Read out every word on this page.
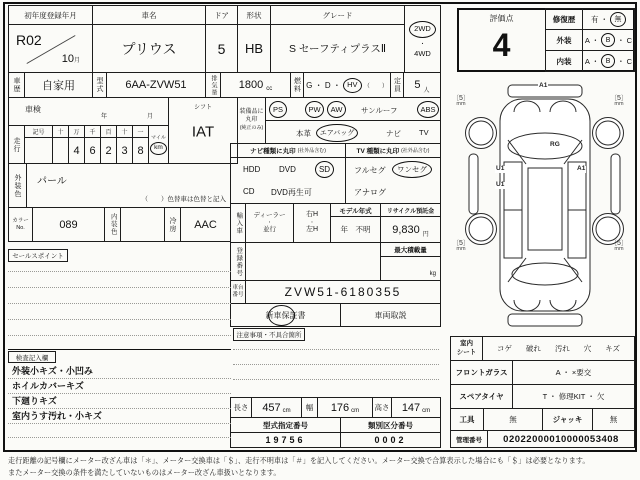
初年度登録年月
R02
10月
車名
プリウス
ドア
5
形状
HB
グレード
S セーフティプラスⅡ
2WD
・
4WD
車歴 自家用	型式 6AA-ZVW51	排気量 1800 cc	燃料 G ・ D ・ HV （　　） 定員 5 人
車検
年	月
走行
記号 十 万
4
千
6
百
2
十
3
一
8
マイル
km
シフト
IAT
装備品に
丸印
(純正のみ)
PS	PW AW サンルーフ	ABS
本革 エアバッグ	ナビ TV
ナビ種類に丸印 (社外品含む)
HDD DVD	SD
CD DVD再生可
TV 種類に丸印 (社外品含む)
フルセグ ワンセグ
アナログ
外装色 パール
（　　）色替車は色替と記入
カラー
No.	089	内装色	冷房 AAC	輸入車 ディーラー
・
並行
右H
・
左H
モデル年式
年　不明
リサイクル預託金
9,830 円
登録番号	最大積載量
kg
車台
番号	ZVW51-6180355
新車保証書	車両取説
注意事項・不具合箇所
長さ 457 cm 幅 176 cm 高さ 147 cm
型式指定番号	類別区分番号
19756	0002
セールスポイント
検査記入欄
外装小キズ・小凹み
ホイルカバーキズ
下廻りキズ
室内うす汚れ・小キズ
評価点
4
修復歴 有 ・ 無
外装 A ・ B ・ C
内装 A ・ B ・ C
A1
RG
U1
U1
A1
〔5〕
mm
〔5〕
mm
〔5〕
mm
〔5〕
mm
室内
シート	コゲ 破れ 汚れ 穴 キズ
フロントガラス	A ・ ×要交
スペアタイヤ	T ・ 修理KIT ・ 欠
工具	無	ジャッキ	無
管理番号 02022000010000053408
走行距離の記号欄にメーター改ざん車は「＊」、メーター交換車は「＄」、走行不明車は「＃」を記入してください。メーター交換で合算表示した場合にも「＄」は必要となります。
またメーター交換の条件を満たしていないものはメーター改ざん車扱いとなります。
